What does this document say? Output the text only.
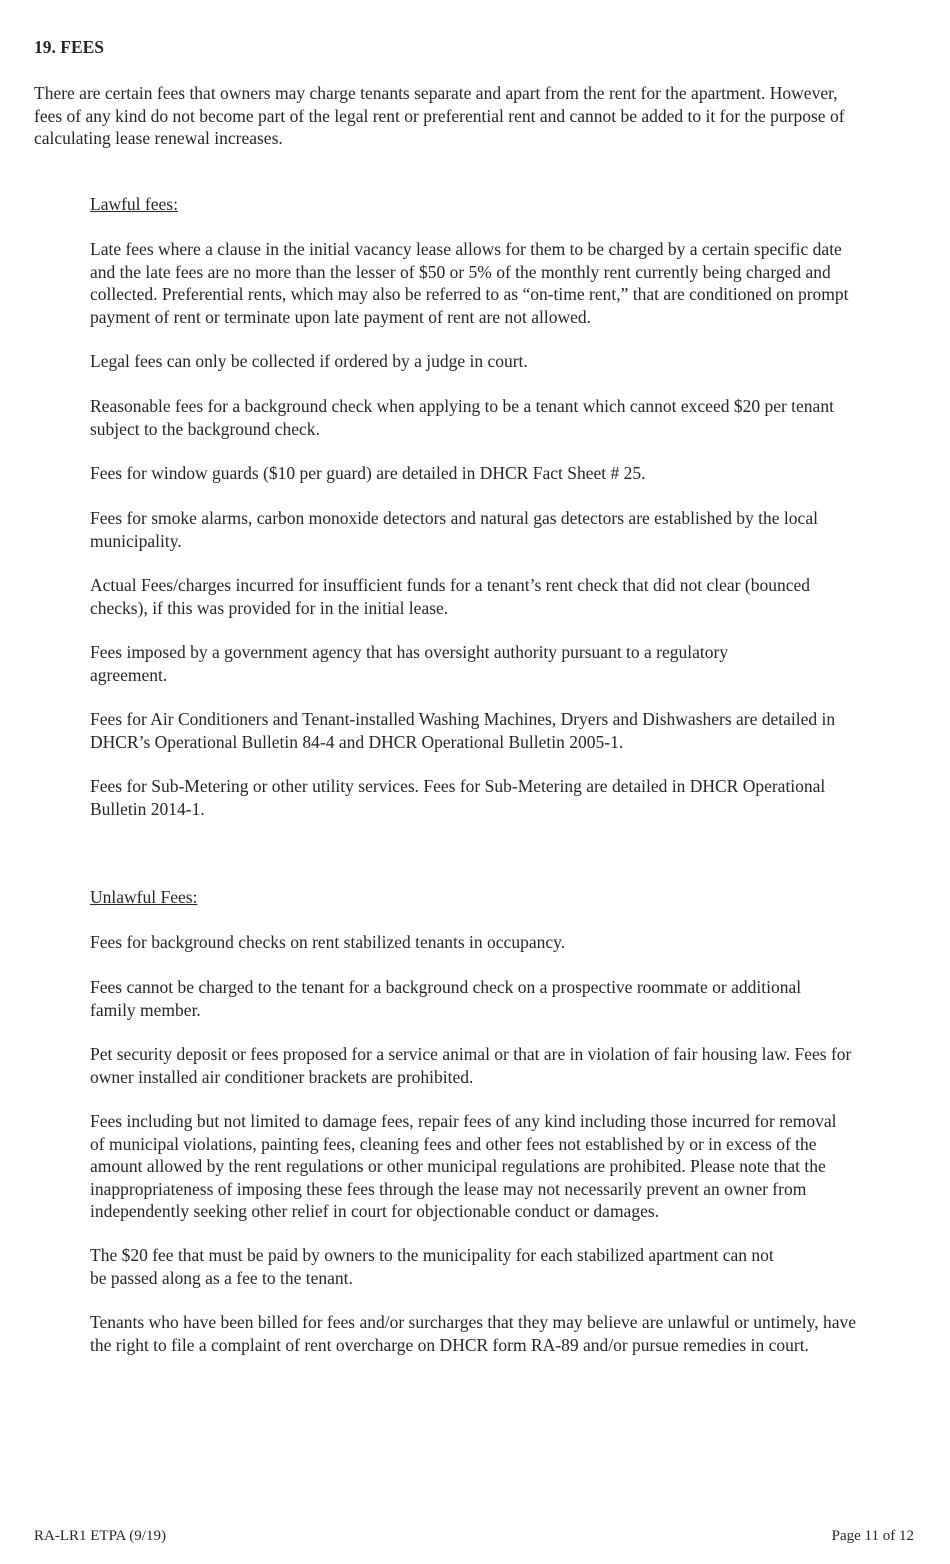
19. FEES

There are certain fees that owners may charge tenants separate and apart from the rent for the apartment. However,
fees of any kind do not become part of the legal rent or preferential rent and cannot be added to it for the purpose of
calculating lease renewal increases.

Lawful fees:

Late fees where a clause in the initial vacancy lease allows for them to be charged by a certain specific date
and the late fees are no more than the lesser of $50 or 5% of the monthly rent currently being charged and
collected. Preferential rents, which may also be referred to as “on-time rent,” that are conditioned on prompt
payment of rent or terminate upon late payment of rent are not allowed.

Legal fees can only be collected if ordered by a judge in court.

Reasonable fees for a background check when applying to be a tenant which cannot exceed $20 per tenant
subject to the background check.

Fees for window guards ($10 per guard) are detailed in DHCR Fact Sheet # 25.

Fees for smoke alarms, carbon monoxide detectors and natural gas detectors are established by the local
municipality.

Actual Fees/charges incurred for insufficient funds for a tenant’s rent check that did not clear (bounced
checks), if this was provided for in the initial lease.

Fees imposed by a government agency that has oversight authority pursuant to a regulatory
agreement.

Fees for Air Conditioners and Tenant-installed Washing Machines, Dryers and Dishwashers are detailed in
DHCR’s Operational Bulletin 84-4 and DHCR Operational Bulletin 2005-1.

Fees for Sub-Metering or other utility services. Fees for Sub-Metering are detailed in DHCR Operational
Bulletin 2014-1.

Unlawful Fees:

Fees for background checks on rent stabilized tenants in occupancy.

Fees cannot be charged to the tenant for a background check on a prospective roommate or additional
family member.

Pet security deposit or fees proposed for a service animal or that are in violation of fair housing law. Fees for
owner installed air conditioner brackets are prohibited.

Fees including but not limited to damage fees, repair fees of any kind including those incurred for removal
of municipal violations, painting fees, cleaning fees and other fees not established by or in excess of the
amount allowed by the rent regulations or other municipal regulations are prohibited. Please note that the
inappropriateness of imposing these fees through the lease may not necessarily prevent an owner from
independently seeking other relief in court for objectionable conduct or damages.

The $20 fee that must be paid by owners to the municipality for each stabilized apartment can not
be passed along as a fee to the tenant.

Tenants who have been billed for fees and/or surcharges that they may believe are unlawful or untimely, have
the right to file a complaint of rent overcharge on DHCR form RA-89 and/or pursue remedies in court.

RA-LR1 ETPA (9/19)	Page 11 of 12
